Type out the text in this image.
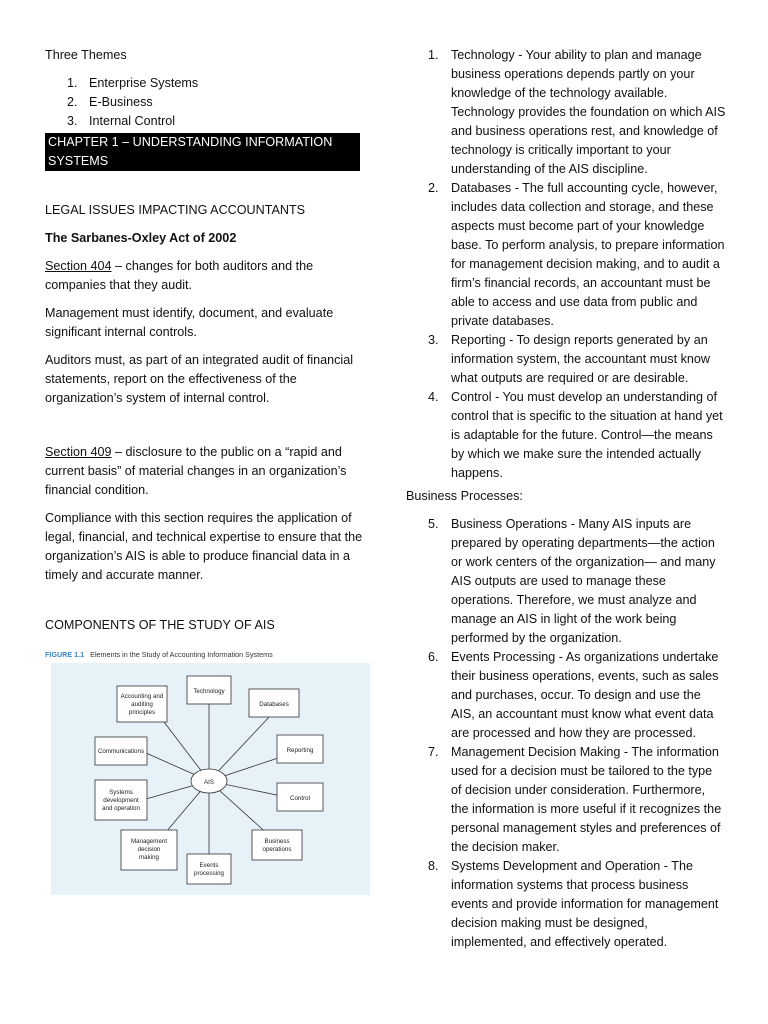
Three Themes

1. Enterprise Systems
2. E-Business
3. Internal Control
CHAPTER 1 – UNDERSTANDING INFORMATION
SYSTEMS

LEGAL ISSUES IMPACTING ACCOUNTANTS

The Sarbanes-Oxley Act of 2002

Section 404 – changes for both auditors and the companies that they audit.

Management must identify, document, and evaluate significant internal controls.

Auditors must, as part of an integrated audit of financial statements, report on the effectiveness of the organization’s system of internal control.

Section 409 – disclosure to the public on a “rapid and current basis” of material changes in an organization’s financial condition.

Compliance with this section requires the application of legal, financial, and technical expertise to ensure that the organization’s AIS is able to produce financial data in a timely and accurate manner.

COMPONENTS OF THE STUDY OF AIS

FIGURE 1.1 Elements in the Study of Accounting Information Systems
AIS
Technology
Databases
Reporting
Control
Business
operations
Events
processing
Management
decision
making
Systems
development
and operation
Communications
Accounting and
auditing
principles
1. Technology - Your ability to plan and manage business operations depends partly on your knowledge of the technology available. Technology provides the foundation on which AIS and business operations rest, and knowledge of technology is critically important to your understanding of the AIS discipline.
2. Databases - The full accounting cycle, however, includes data collection and storage, and these aspects must become part of your knowledge base. To perform analysis, to prepare information for management decision making, and to audit a firm’s financial records, an accountant must be able to access and use data from public and private databases.
3. Reporting - To design reports generated by an information system, the accountant must know what outputs are required or are desirable.
4. Control - You must develop an understanding of control that is specific to the situation at hand yet is adaptable for the future. Control—the means by which we make sure the intended actually happens.

Business Processes:

5. Business Operations - Many AIS inputs are prepared by operating departments—the action or work centers of the organization— and many AIS outputs are used to manage these operations. Therefore, we must analyze and manage an AIS in light of the work being performed by the organization.
6. Events Processing - As organizations undertake their business operations, events, such as sales and purchases, occur. To design and use the AIS, an accountant must know what event data are processed and how they are processed.
7. Management Decision Making - The information used for a decision must be tailored to the type of decision under consideration. Furthermore, the information is more useful if it recognizes the personal management styles and preferences of the decision maker.
8. Systems Development and Operation - The information systems that process business events and provide information for management decision making must be designed, implemented, and effectively operated.
